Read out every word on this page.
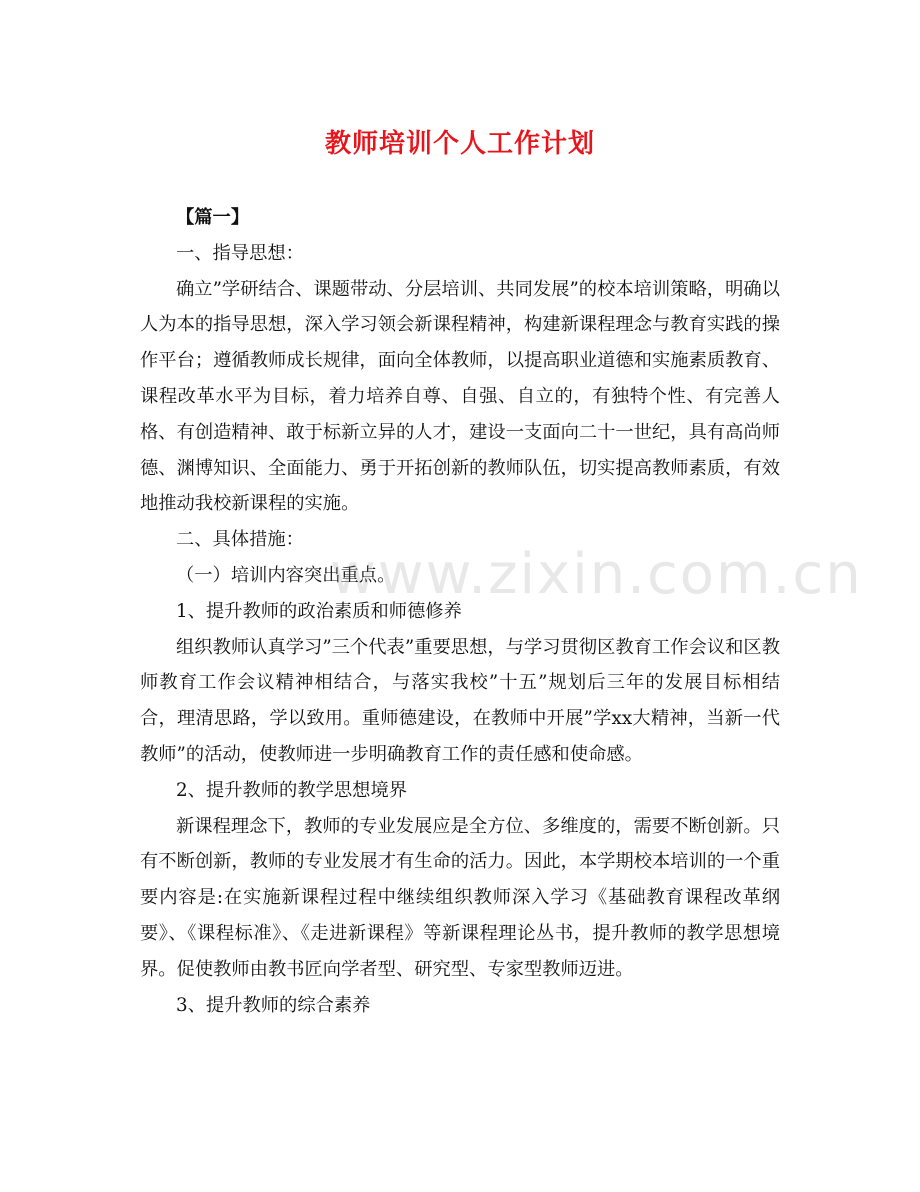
教师培训个人工作计划

【篇一】

一、指导思想：

确立”学研结合、课题带动、分层培训、共同发展”的校本培训策略，明确以人为本的指导思想，深入学习领会新课程精神，构建新课程理念与教育实践的操作平台；遵循教师成长规律，面向全体教师，以提高职业道德和实施素质教育、课程改革水平为目标，着力培养自尊、自强、自立的，有独特个性、有完善人格、有创造精神、敢于标新立异的人才，建设一支面向二十一世纪，具有高尚师德、渊博知识、全面能力、勇于开拓创新的教师队伍，切实提高教师素质，有效地推动我校新课程的实施。

二、具体措施：

（一）培训内容突出重点。

1、提升教师的政治素质和师德修养

组织教师认真学习”三个代表”重要思想，与学习贯彻区教育工作会议和区教师教育工作会议精神相结合，与落实我校”十五”规划后三年的发展目标相结合，理清思路，学以致用。重师德建设，在教师中开展”学xx大精神，当新一代教师”的活动，使教师进一步明确教育工作的责任感和使命感。

2、提升教师的教学思想境界

新课程理念下，教师的专业发展应是全方位、多维度的，需要不断创新。只有不断创新，教师的专业发展才有生命的活力。因此，本学期校本培训的一个重要内容是:在实施新课程过程中继续组织教师深入学习《基础教育课程改革纲要》、《课程标准》、《走进新课程》等新课程理论丛书，提升教师的教学思想境界。促使教师由教书匠向学者型、研究型、专家型教师迈进。

3、提升教师的综合素养

www.zixin.com.cn
